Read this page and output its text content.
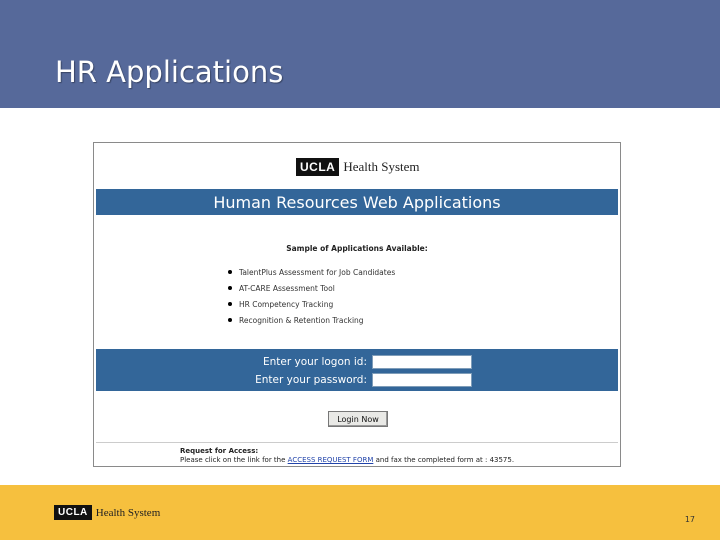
HR Applications
UCLA Health System
Human Resources Web Applications
Sample of Applications Available:
TalentPlus Assessment for Job Candidates
AT-CARE Assessment Tool
HR Competency Tracking
Recognition & Retention Tracking
Enter your logon id:
Enter your password:
Login Now
Request for Access:
Please click on the link for the ACCESS REQUEST FORM and fax the completed form at : 43575.
UCLA Health System
17
